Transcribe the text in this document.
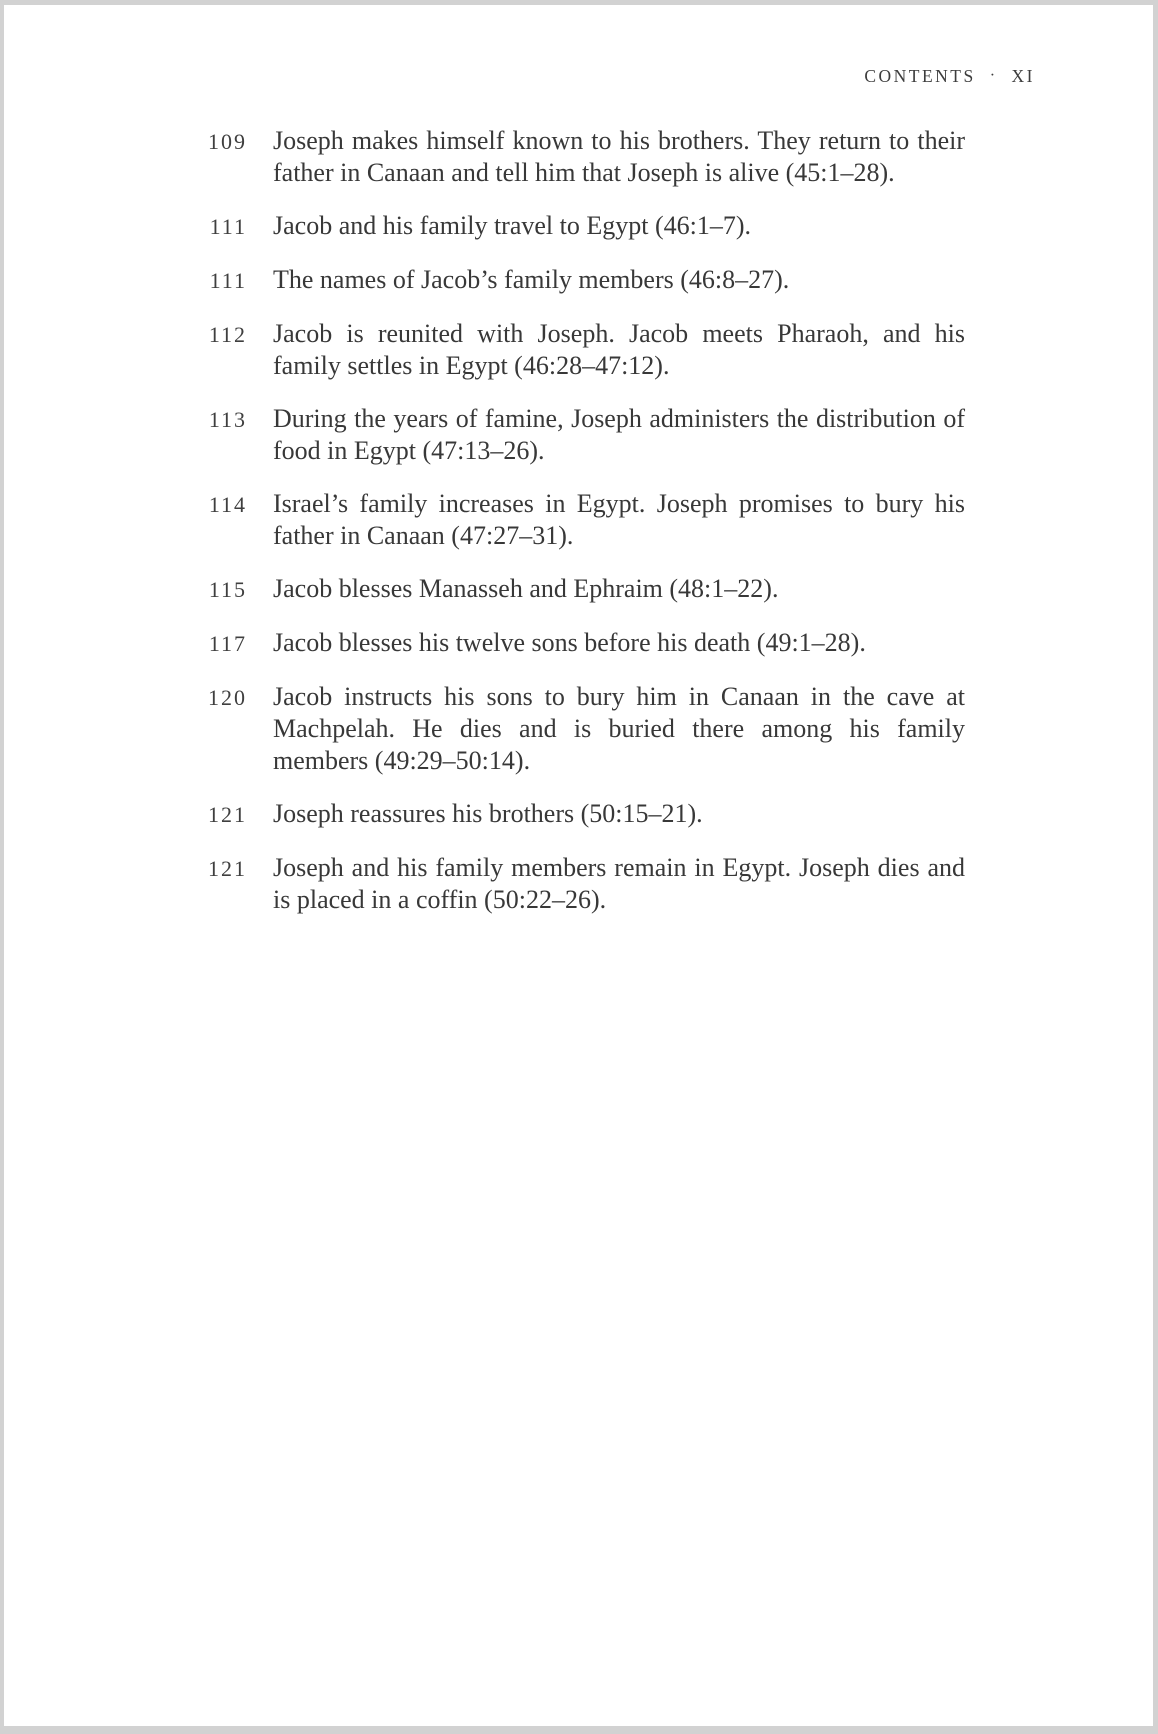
CONTENTS · XI
109 Joseph makes himself known to his brothers. They return to their father in Canaan and tell him that Joseph is alive (45:1–28).
111 Jacob and his family travel to Egypt (46:1–7).
111 The names of Jacob’s family members (46:8–27).
112 Jacob is reunited with Joseph. Jacob meets Pharaoh, and his family settles in Egypt (46:28–47:12).
113 During the years of famine, Joseph administers the distribution of food in Egypt (47:13–26).
114 Israel’s family increases in Egypt. Joseph promises to bury his father in Canaan (47:27–31).
115 Jacob blesses Manasseh and Ephraim (48:1–22).
117 Jacob blesses his twelve sons before his death (49:1–28).
120 Jacob instructs his sons to bury him in Canaan in the cave at Machpelah. He dies and is buried there among his family members (49:29–50:14).
121 Joseph reassures his brothers (50:15–21).
121 Joseph and his family members remain in Egypt. Joseph dies and is placed in a coffin (50:22–26).
